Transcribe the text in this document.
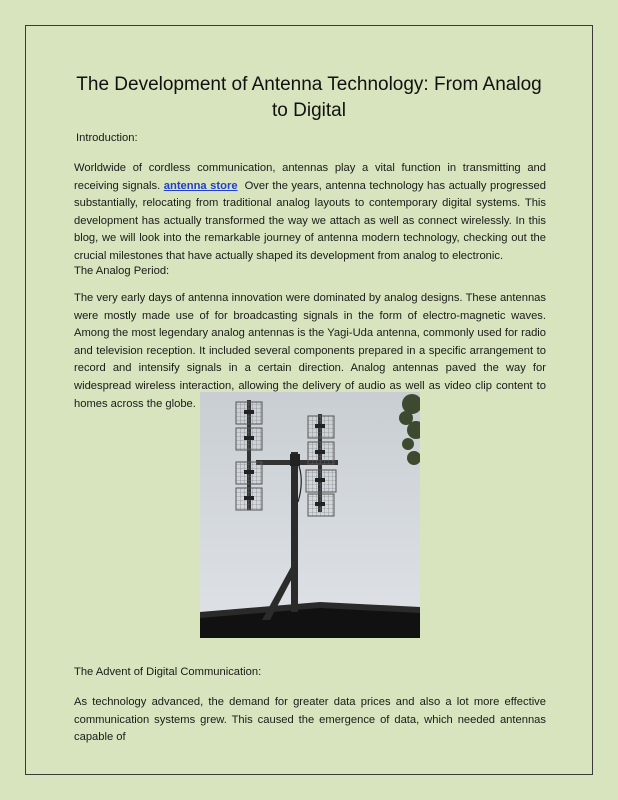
The Development of Antenna Technology: From Analog
to Digital

Introduction:

Worldwide of cordless communication, antennas play a vital function in transmitting and receiving signals. antenna store Over the years, antenna technology has actually progressed substantially, relocating from traditional analog layouts to contemporary digital systems. This development has actually transformed the way we attach as well as connect wirelessly. In this blog, we will look into the remarkable journey of antenna modern technology, checking out the crucial milestones that have actually shaped its development from analog to electronic.

The Analog Period:

The very early days of antenna innovation were dominated by analog designs. These antennas were mostly made use of for broadcasting signals in the form of electro-magnetic waves. Among the most legendary analog antennas is the Yagi-Uda antenna, commonly used for radio and television reception. It included several components prepared in a specific arrangement to record and intensify signals in a certain direction. Analog antennas paved the way for widespread wireless interaction, allowing the delivery of audio as well as video clip content to homes across the globe.

The Advent of Digital Communication:

As technology advanced, the demand for greater data prices and also a lot more effective communication systems grew. This caused the emergence of data, which needed antennas capable of
